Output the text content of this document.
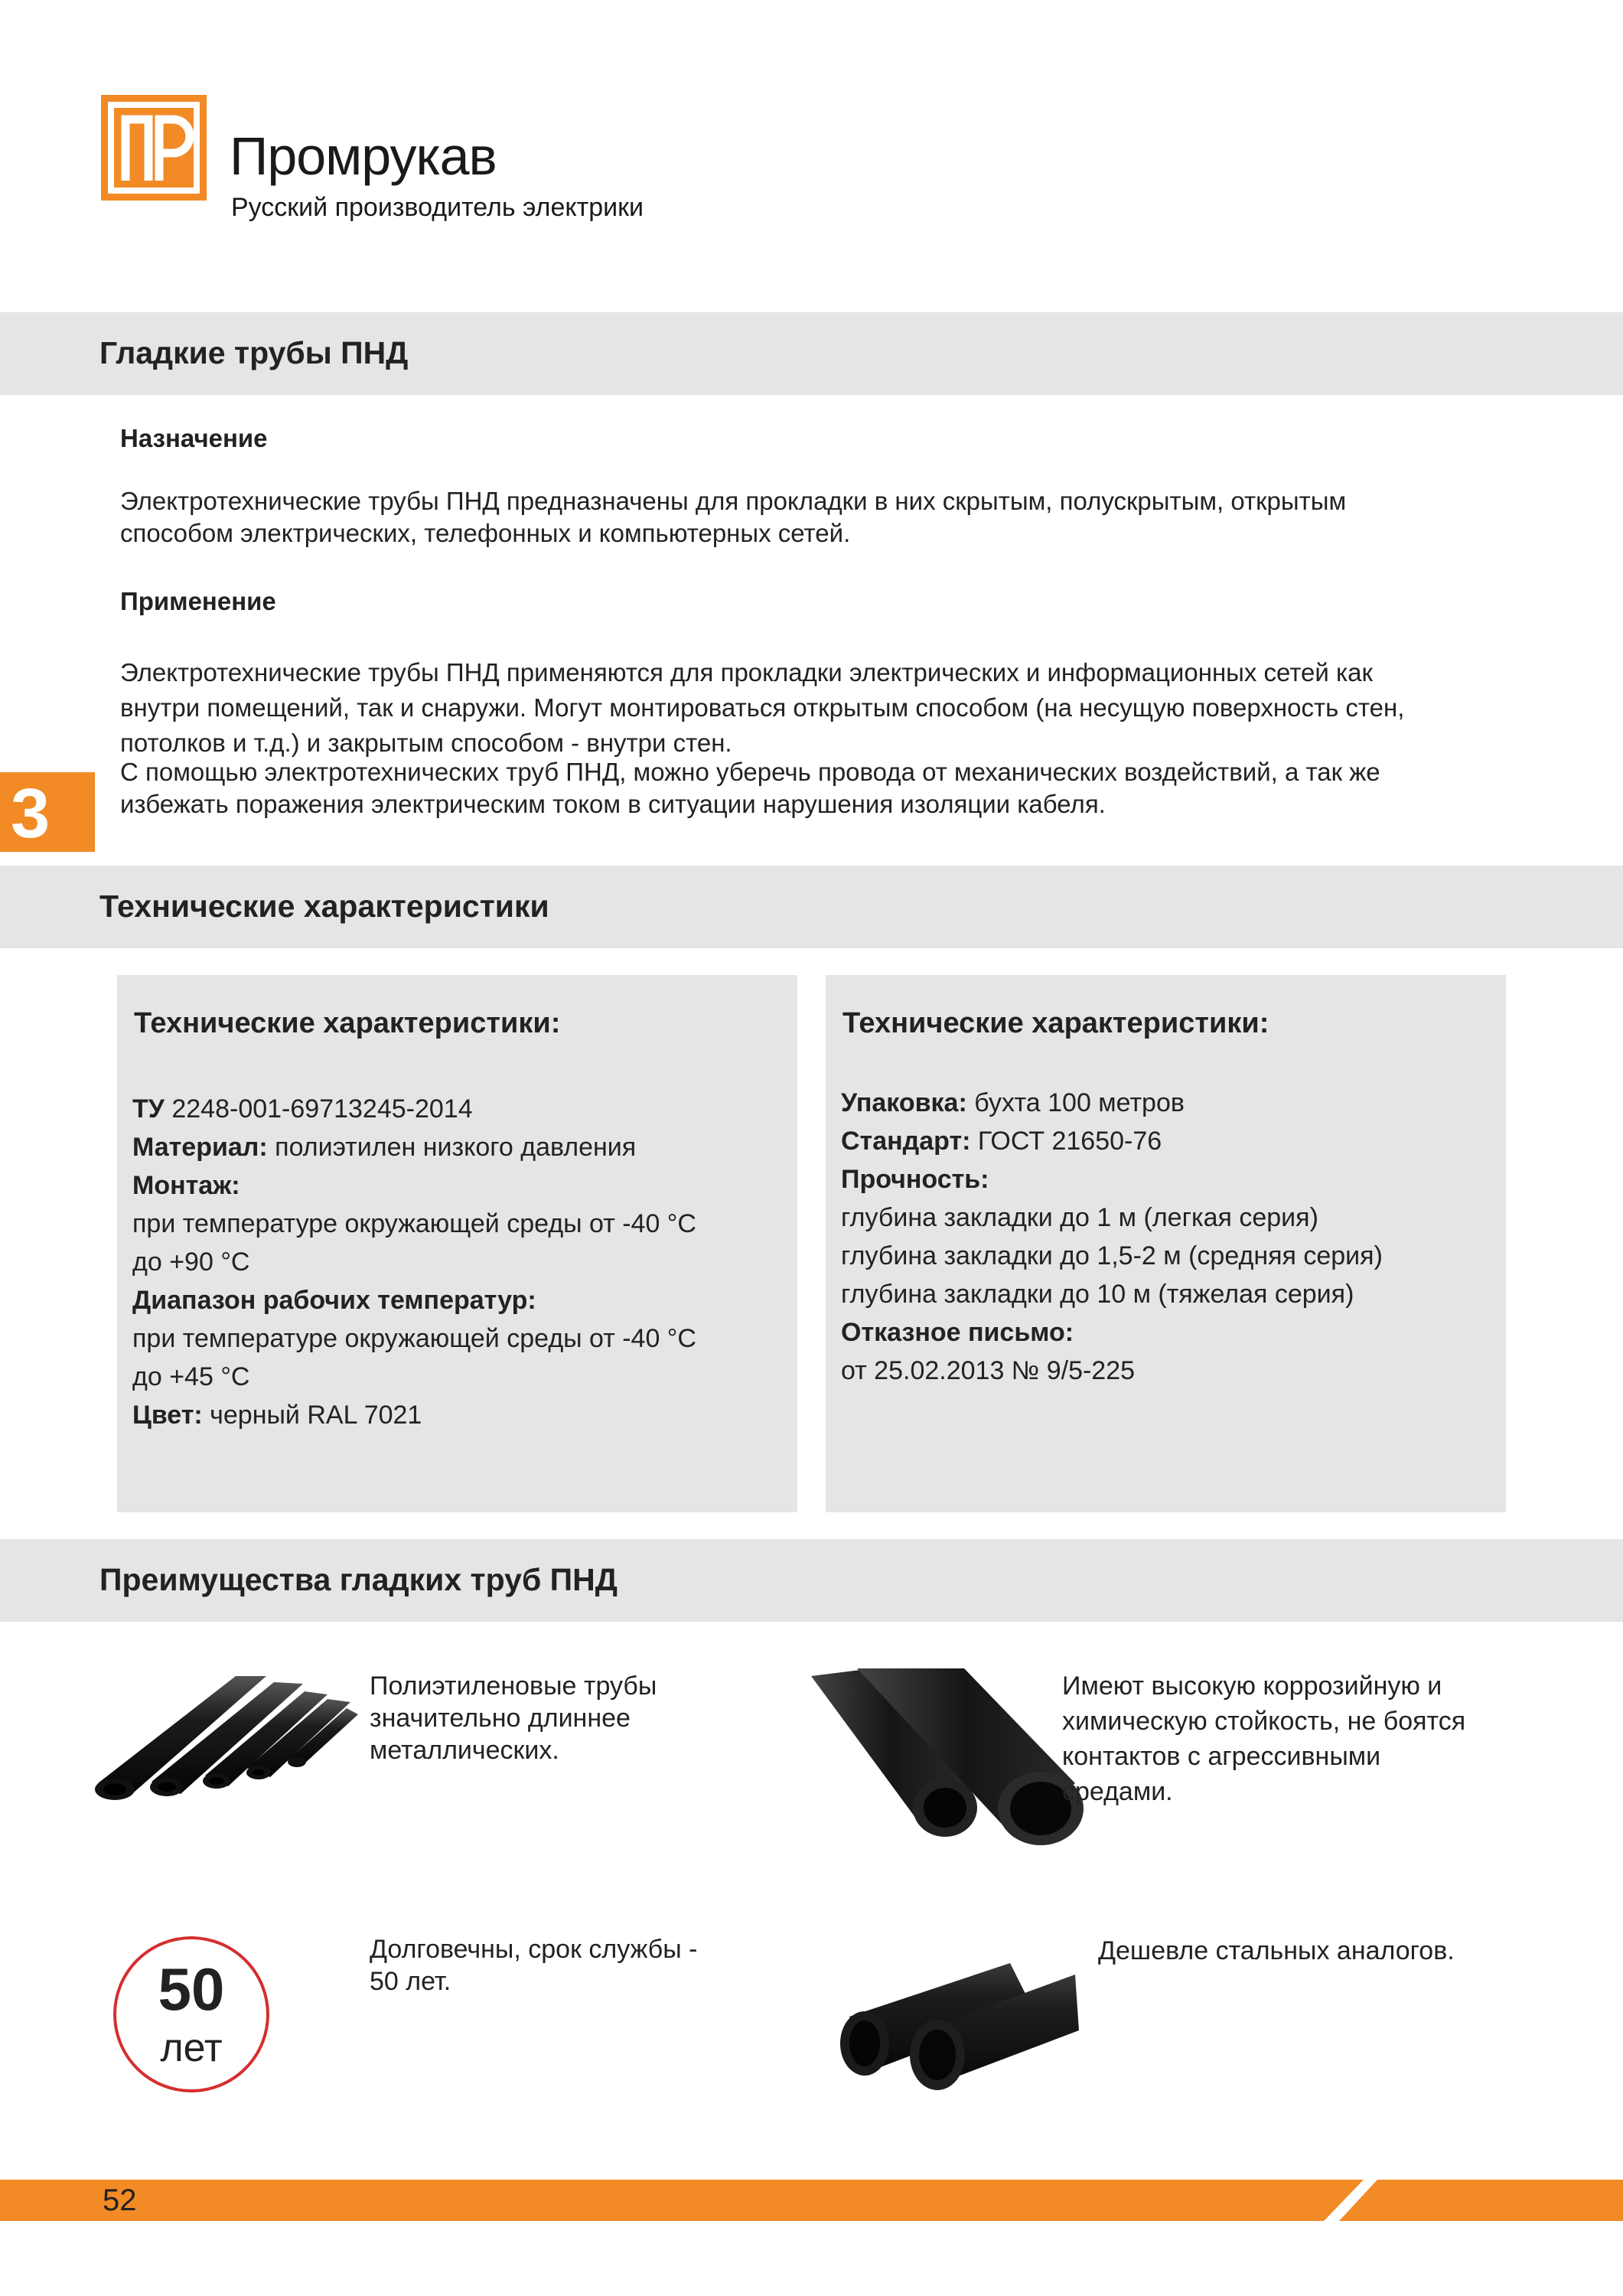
Промрукав
Русский производитель электрики
Гладкие трубы ПНД
Назначение
Электротехнические трубы ПНД предназначены для прокладки в них скрытым, полускрытым, открытым
способом электрических, телефонных и компьютерных сетей.
Применение
Электротехнические трубы ПНД применяются для прокладки электрических и информационных сетей как
внутри помещений, так и снаружи. Могут монтироваться открытым способом (на несущую поверхность стен,
потолков и т.д.) и закрытым способом - внутри стен.
С помощью электротехнических труб ПНД, можно уберечь провода от механических воздействий, а так же
избежать поражения электрическим током в ситуации нарушения изоляции кабеля.
3
Технические характеристики
Технические характеристики:
ТУ 2248-001-69713245-2014
Материал: полиэтилен низкого давления
Монтаж:
при температуре окружающей среды от -40 °С
до +90 °С
Диапазон рабочих температур:
при температуре окружающей среды от -40 °С
до +45 °С
Цвет: черный RAL 7021
Технические характеристики:
Упаковка: бухта 100 метров
Стандарт: ГОСТ 21650-76
Прочность:
глубина закладки до 1 м (легкая серия)
глубина закладки до 1,5-2 м (средняя серия)
глубина закладки до 10 м (тяжелая серия)
Отказное письмо:
от 25.02.2013 № 9/5-225
Преимущества гладких труб ПНД
Полиэтиленовые трубы
значительно длиннее
металлических.
Имеют высокую коррозийную и
химическую стойкость, не боятся
контактов с агрессивными
средами.
50
лет
Долговечны, срок службы -
50 лет.
Дешевле стальных аналогов.
52
